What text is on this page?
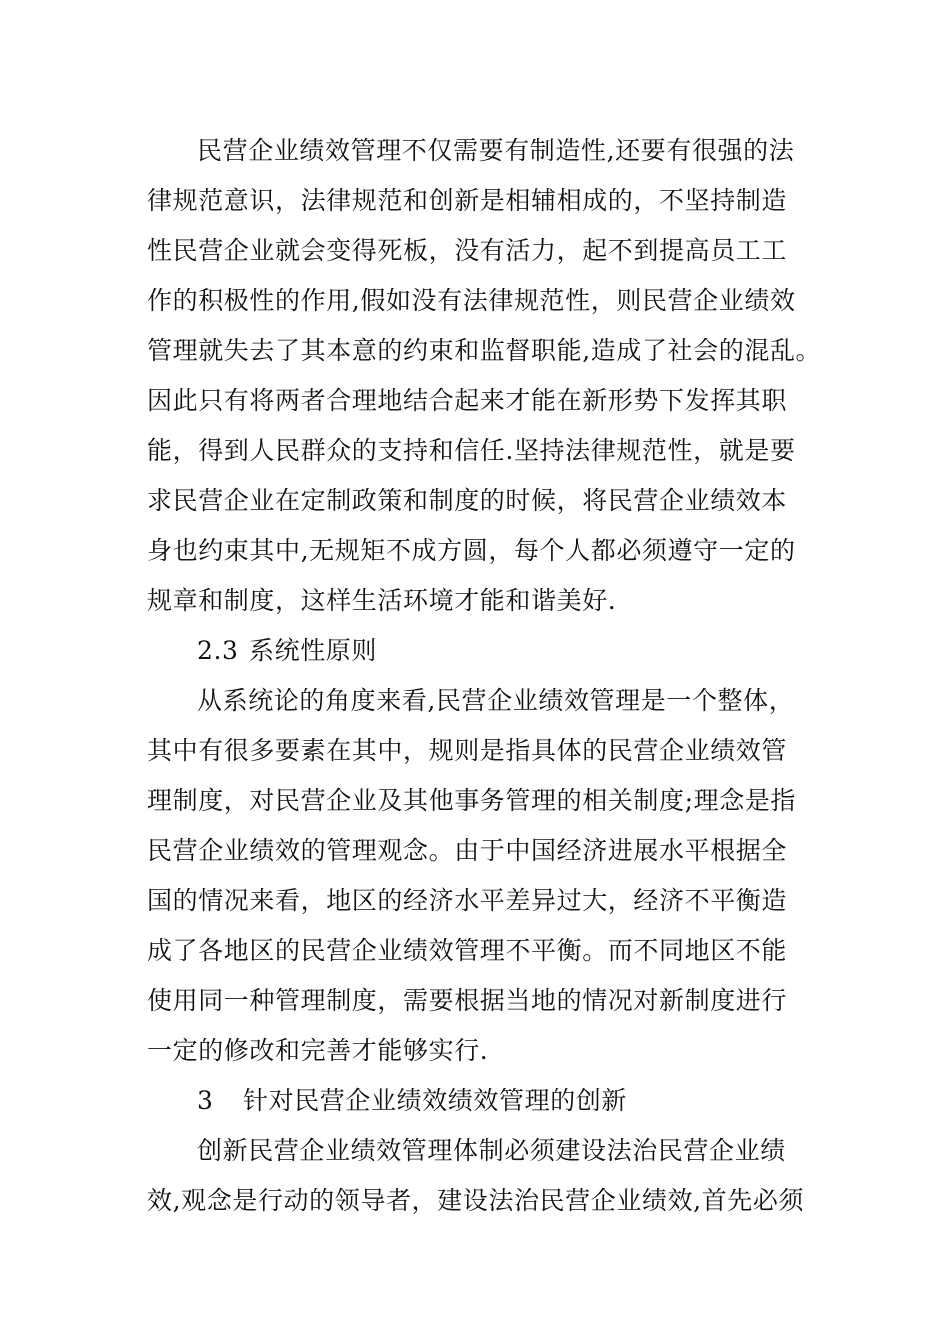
民营企业绩效管理不仅需要有制造性,还要有很强的法
律规范意识，法律规范和创新是相辅相成的，不坚持制造
性民营企业就会变得死板，没有活力，起不到提高员工工
作的积极性的作用,假如没有法律规范性，则民营企业绩效
管理就失去了其本意的约束和监督职能,造成了社会的混乱。
因此只有将两者合理地结合起来才能在新形势下发挥其职
能，得到人民群众的支持和信任.坚持法律规范性，就是要
求民营企业在定制政策和制度的时候，将民营企业绩效本
身也约束其中,无规矩不成方圆，每个人都必须遵守一定的
规章和制度，这样生活环境才能和谐美好.
2.3 系统性原则
从系统论的角度来看,民营企业绩效管理是一个整体，
其中有很多要素在其中，规则是指具体的民营企业绩效管
理制度，对民营企业及其他事务管理的相关制度;理念是指
民营企业绩效的管理观念。由于中国经济进展水平根据全
国的情况来看，地区的经济水平差异过大，经济不平衡造
成了各地区的民营企业绩效管理不平衡。而不同地区不能
使用同一种管理制度，需要根据当地的情况对新制度进行
一定的修改和完善才能够实行.
3 针对民营企业绩效绩效管理的创新
创新民营企业绩效管理体制必须建设法治民营企业绩
效,观念是行动的领导者，建设法治民营企业绩效,首先必须
